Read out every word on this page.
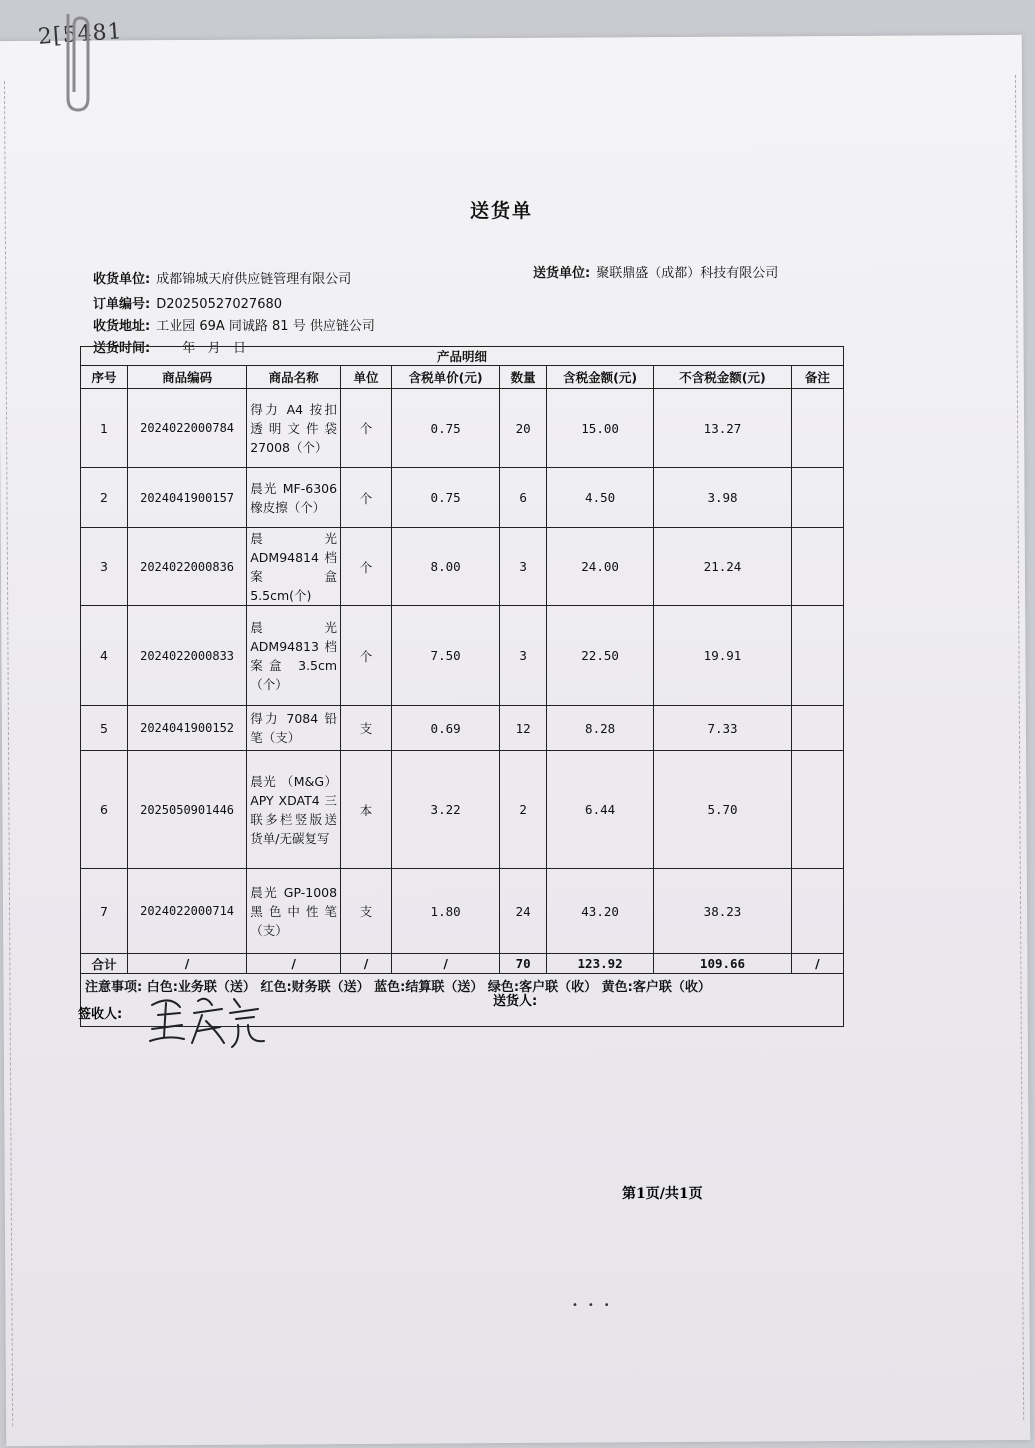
2[5481
送货单
收货单位: 成都锦城天府供应链管理有限公司	送货单位: 聚联鼎盛（成都）科技有限公司
订单编号: D20250527027680
收货地址: 工业园 69A 同诚路 81 号 供应链公司
送货时间: 年   月   日
产品明细								
序号	商品编码	商品名称	单位	含税单价(元)	数量	含税金额(元)	不含税金额(元)	备注
1	2024022000784	得力 A4 按扣透明文件袋 27008（个）	个	0.75	20	15.00	13.27	
2	2024041900157	晨光 MF-6306 橡皮擦（个）	个	0.75	6	4.50	3.98	
3	2024022000836	晨光 ADM94814 档案盒 5.5cm(个)	个	8.00	3	24.00	21.24	
4	2024022000833	晨光 ADM94813 档案盒 3.5cm （个）	个	7.50	3	22.50	19.91	
5	2024041900152	得力 7084 铅笔（支）	支	0.69	12	8.28	7.33	
6	2025050901446	晨光 （M&G）APY XDAT4 三联多栏竖版送货单/无碳复写	本	3.22	2	6.44	5.70	
7	2024022000714	晨光 GP-1008 黑色中性笔（支）	支	1.80	24	43.20	38.23	
合计	/	/	/	/	70	123.92	109.66	/
注意事项: 白色:业务联（送） 红色:财务联（送） 蓝色:结算联（送） 绿色:客户联（收） 黄色:客户联（收）								
签收人:
送货人:
第1页/共1页
•••
